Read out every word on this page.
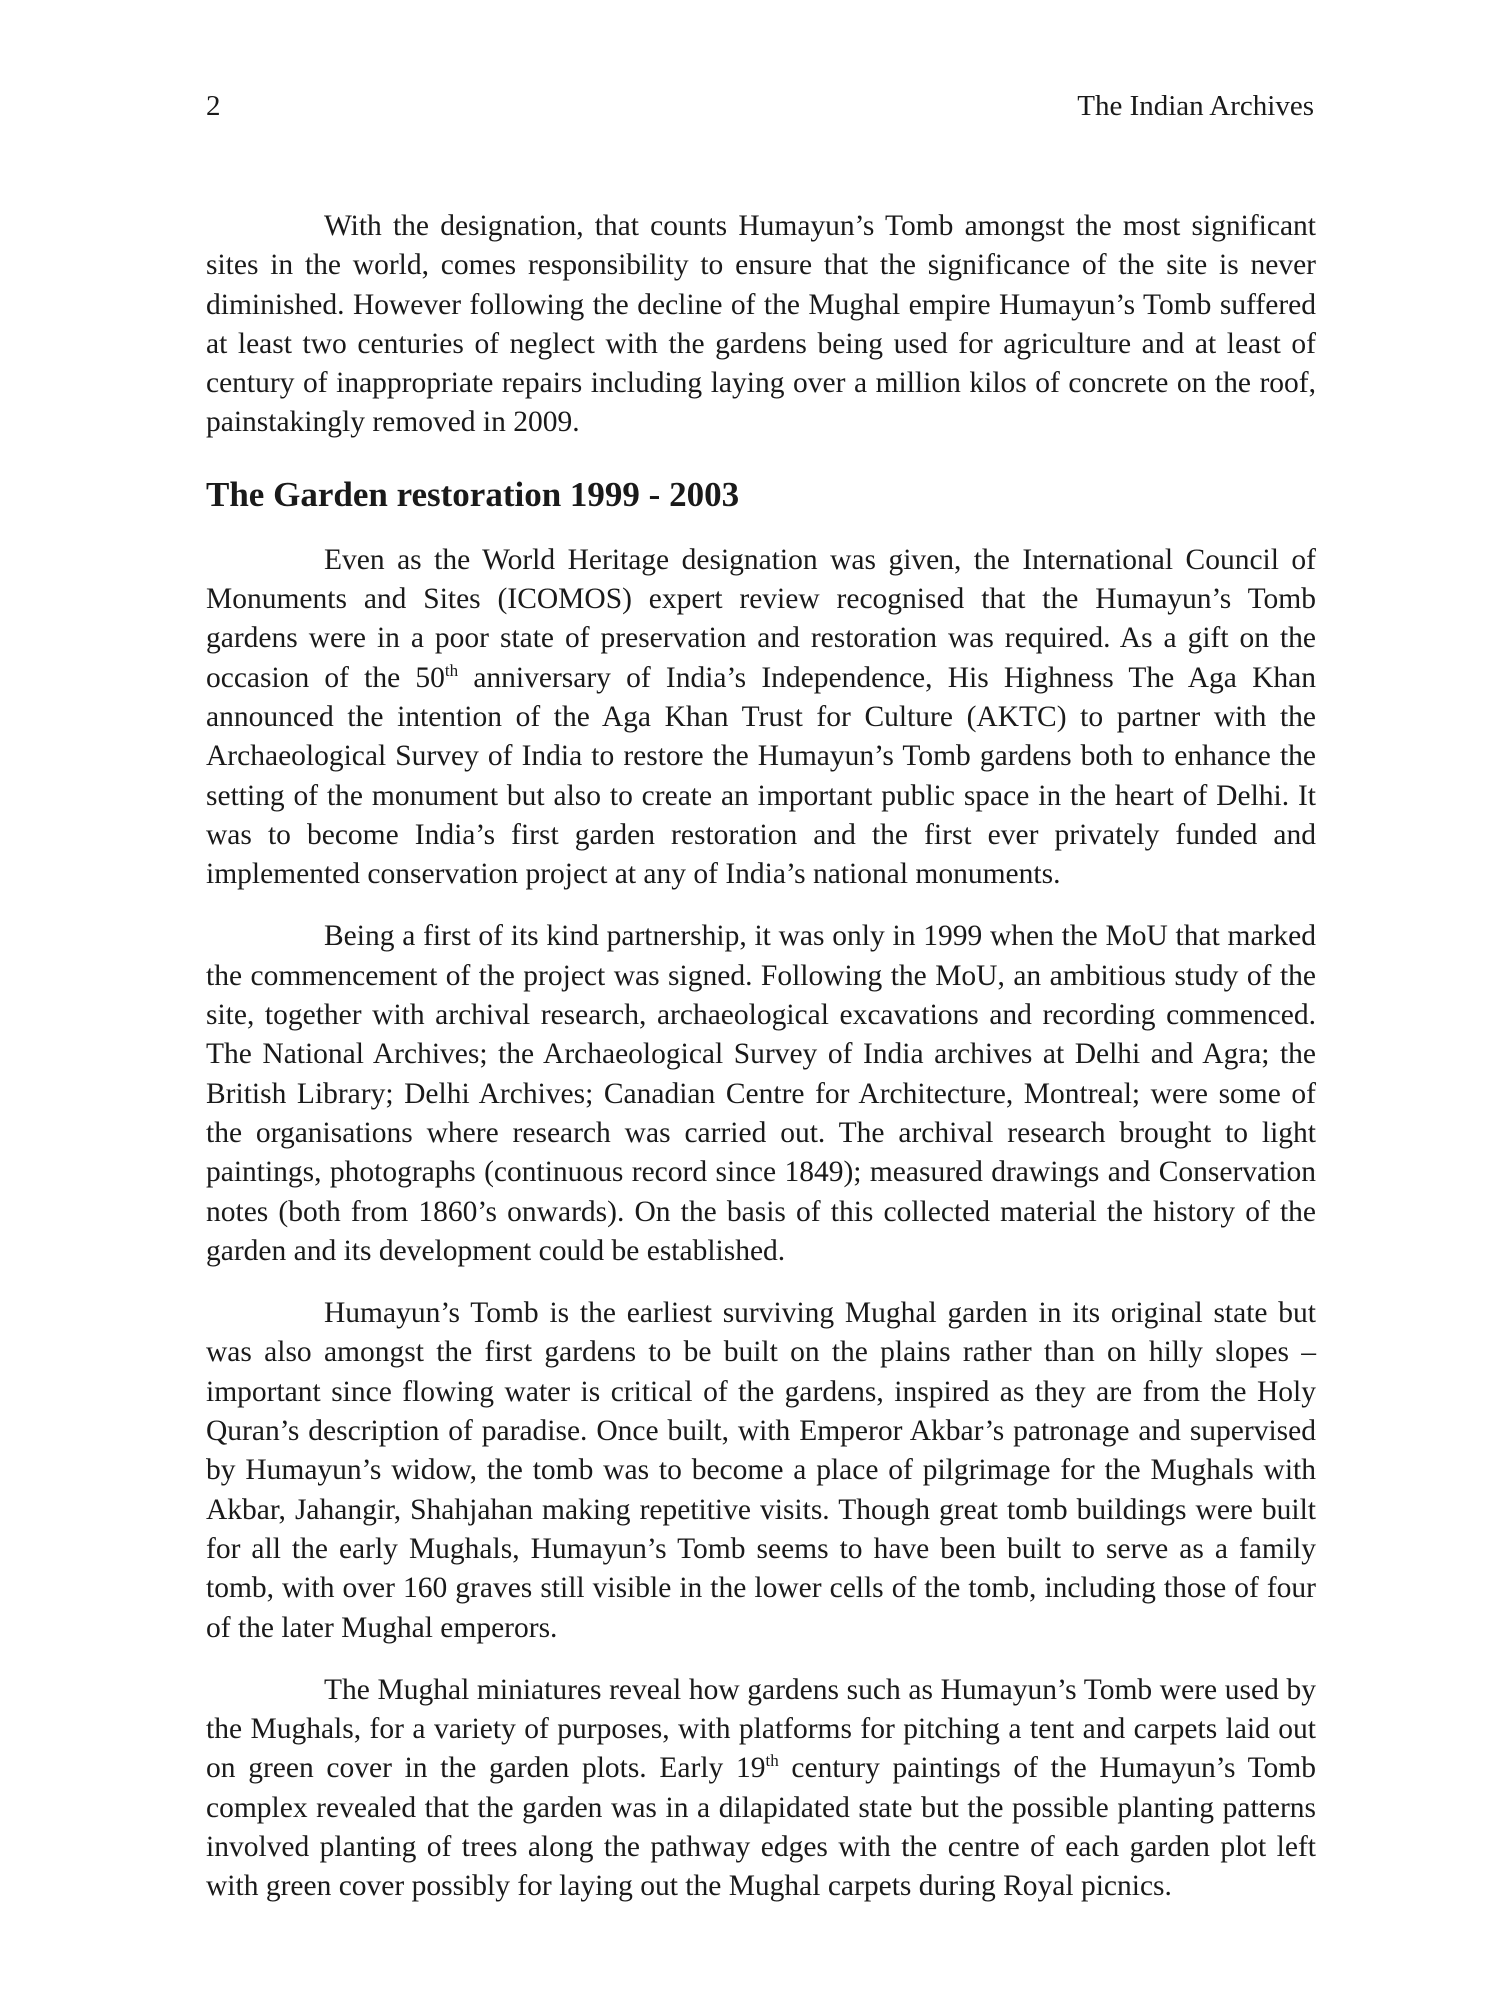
2	The Indian Archives

With the designation, that counts Humayun’s Tomb amongst the most significant sites in the world, comes responsibility to ensure that the significance of the site is never diminished. However following the decline of the Mughal empire Humayun’s Tomb suffered at least two centuries of neglect with the gardens being used for agriculture and at least of century of inappropriate repairs including laying over a million kilos of concrete on the roof, painstakingly removed in 2009.

The Garden restoration 1999 - 2003

Even as the World Heritage designation was given, the International Council of Monuments and Sites (ICOMOS) expert review recognised that the Humayun’s Tomb gardens were in a poor state of preservation and restoration was required. As a gift on the occasion of the 50th anniversary of India’s Independence, His Highness The Aga Khan announced the intention of the Aga Khan Trust for Culture (AKTC) to partner with the Archaeological Survey of India to restore the Humayun’s Tomb gardens both to enhance the setting of the monument but also to create an important public space in the heart of Delhi. It was to become India’s first garden restoration and the first ever privately funded and implemented conservation project at any of India’s national monuments.

Being a first of its kind partnership, it was only in 1999 when the MoU that marked the commencement of the project was signed. Following the MoU, an ambitious study of the site, together with archival research, archaeological excavations and recording commenced. The National Archives; the Archaeological Survey of India archives at Delhi and Agra; the British Library; Delhi Archives; Canadian Centre for Architecture, Montreal; were some of the organisations where research was carried out. The archival research brought to light paintings, photographs (continuous record since 1849); measured drawings and Conservation notes (both from 1860’s onwards). On the basis of this collected material the history of the garden and its development could be established.

Humayun’s Tomb is the earliest surviving Mughal garden in its original state but was also amongst the first gardens to be built on the plains rather than on hilly slopes – important since flowing water is critical of the gardens, inspired as they are from the Holy Quran’s description of paradise. Once built, with Emperor Akbar’s patronage and supervised by Humayun’s widow, the tomb was to become a place of pilgrimage for the Mughals with Akbar, Jahangir, Shahjahan making repetitive visits. Though great tomb buildings were built for all the early Mughals, Humayun’s Tomb seems to have been built to serve as a family tomb, with over 160 graves still visible in the lower cells of the tomb, including those of four of the later Mughal emperors.

The Mughal miniatures reveal how gardens such as Humayun’s Tomb were used by the Mughals, for a variety of purposes, with platforms for pitching a tent and carpets laid out on green cover in the garden plots. Early 19th century paintings of the Humayun’s Tomb complex revealed that the garden was in a dilapidated state but the possible planting patterns involved planting of trees along the pathway edges with the centre of each garden plot left with green cover possibly for laying out the Mughal carpets during Royal picnics.
